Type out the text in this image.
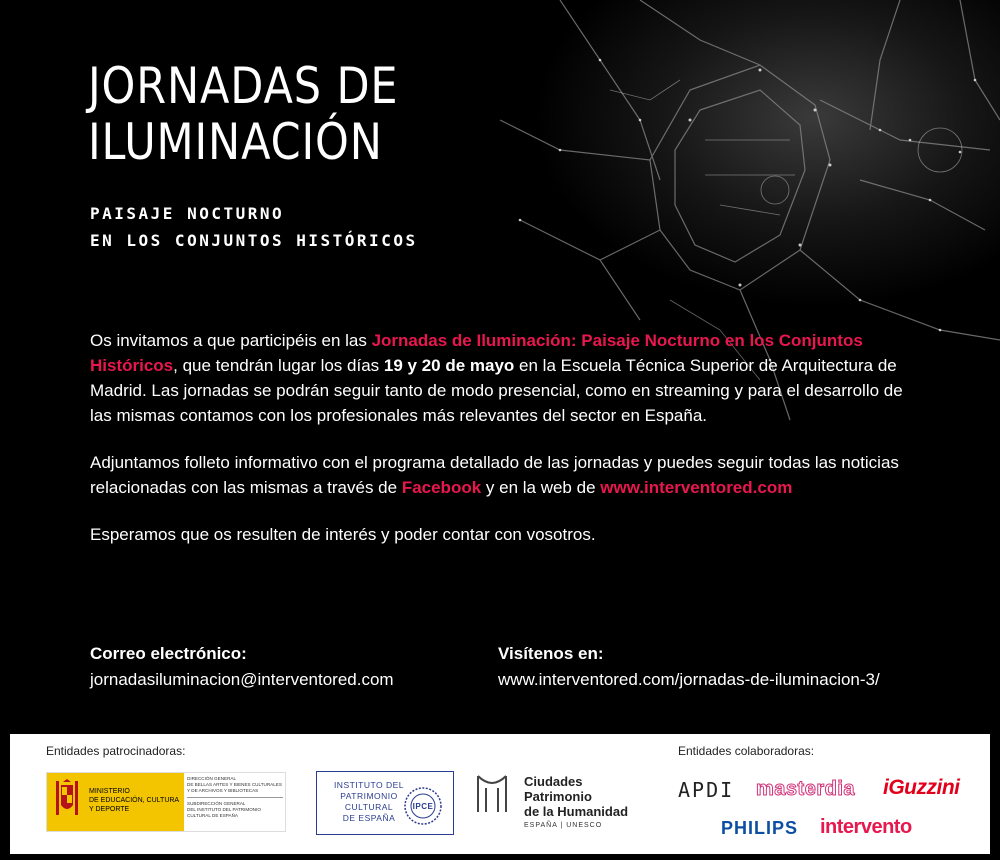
JORNADAS DE
ILUMINACIÓN
PAISAJE NOCTURNO
EN LOS CONJUNTOS HISTÓRICOS

Os invitamos a que participéis en las Jornadas de Iluminación: Paisaje Nocturno en los Conjuntos Históricos, que tendrán lugar los días 19 y 20 de mayo en la Escuela Técnica Superior de Arquitectura de Madrid. Las jornadas se podrán seguir tanto de modo presencial, como en streaming y para el desarrollo de las mismas contamos con los profesionales más relevantes del sector en España.

Adjuntamos folleto informativo con el programa detallado de las jornadas y puedes seguir todas las noticias relacionadas con las mismas a través de Facebook y en la web de www.interventored.com

Esperamos que os resulten de interés y poder contar con vosotros.

Correo electrónico:
jornadasiluminacion@interventored.com
Visítenos en:
www.interventored.com/jornadas-de-iluminacion-3/
Entidades patrocinadoras:	Entidades colaboradoras:
MINISTERIO
DE EDUCACIÓN, CULTURA
Y DEPORTE
DIRECCIÓN GENERAL
DE BELLAS ARTES Y BIENES CULTURALES
Y DE ARCHIVOS Y BIBLIOTECAS
SUBDIRECCIÓN GENERAL
DEL INSTITUTO DEL PATRIMONIO
CULTURAL DE ESPAÑA
INSTITUTO DEL
PATRIMONIO
CULTURAL
DE ESPAÑA
IPCE
Ciudades
Patrimonio
de la Humanidad
ESPAÑA | UNESCO
APDI masterdia iGuzzini
PHILIPS intervento
